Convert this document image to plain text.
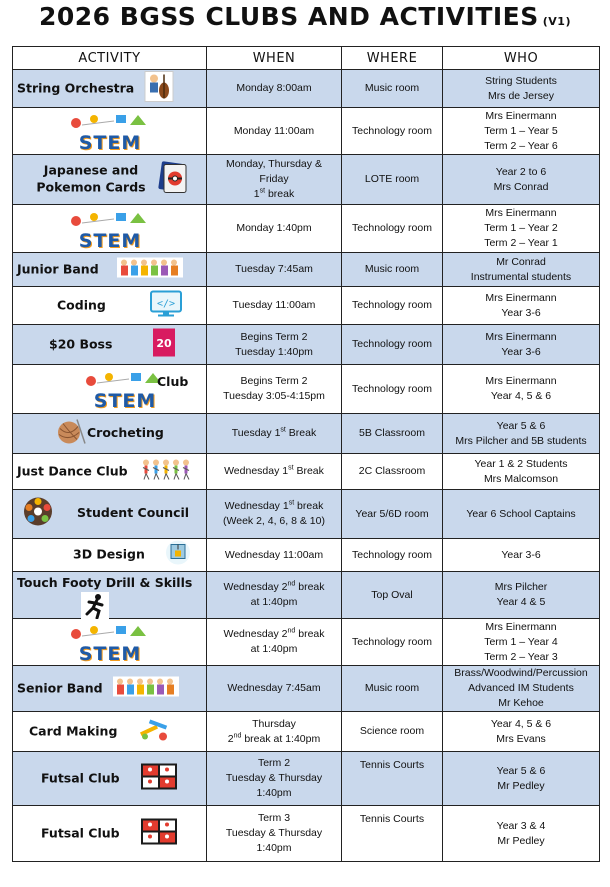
2026 BGSS CLUBS AND ACTIVITIES (V1)
ACTIVITY	WHEN	WHERE	WHO

String Orchestra	Monday 8:00am	Music room	String Students
Mrs de Jersey

STEM	Monday 11:00am	Technology room	Mrs Einermann
Term 1 – Year 5
Term 2 – Year 6

Japanese and Pokemon Cards	Monday, Thursday &
Friday
1st break	LOTE room	Year 2 to 6
Mrs Conrad

STEM	Monday 1:40pm	Technology room	Mrs Einermann
Term 1 – Year 2
Term 2 – Year 1

Junior Band	Tuesday 7:45am	Music room	Mr Conrad
Instrumental students

Coding </>	Tuesday 11:00am	Technology room	Mrs Einermann
Year 3-6

$20 Boss 20	Begins Term 2
Tuesday 1:40pm	Technology room	Mrs Einermann
Year 3-6

STEM
Club	Begins Term 2
Tuesday 3:05-4:15pm	Technology room	Mrs Einermann
Year 4, 5 & 6

Crocheting	Tuesday 1st Break	5B Classroom	Year 5 & 6
Mrs Pilcher and 5B students

Just Dance Club	Wednesday 1st Break	2C Classroom	Year 1 & 2 Students
Mrs Malcomson

Student Council	Wednesday 1st break
(Week 2, 4, 6, 8 & 10)	Year 5/6D room	Year 6 School Captains

3D Design	Wednesday 11:00am	Technology room	Year 3-6

Touch Footy Drill & Skills	Wednesday 2nd break
at 1:40pm	Top Oval	Mrs Pilcher
Year 4 & 5

STEM	Wednesday 2nd break
at 1:40pm	Technology room	Mrs Einermann
Term 1 – Year 4
Term 2 – Year 3

Senior Band	Wednesday 7:45am	Music room	Brass/Woodwind/Percussion
Advanced IM Students
Mr Kehoe

Card Making	Thursday
2nd break at 1:40pm	Science room	Year 4, 5 & 6
Mrs Evans

Futsal Club	Term 2
Tuesday & Thursday
1:40pm	Tennis Courts	Year 5 & 6
Mr Pedley

Futsal Club	Term 3
Tuesday & Thursday
1:40pm	Tennis Courts	Year 3 & 4
Mr Pedley
